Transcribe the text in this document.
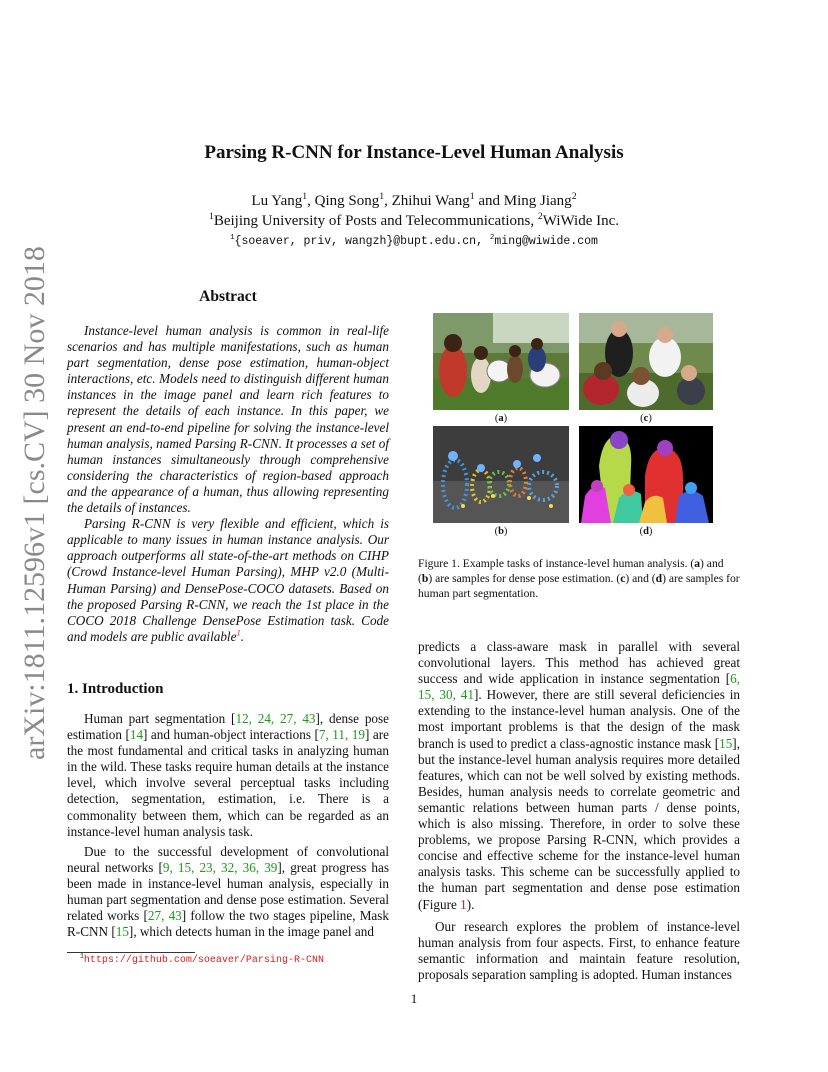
arXiv:1811.12596v1 [cs.CV] 30 Nov 2018
Parsing R-CNN for Instance-Level Human Analysis
Lu Yang$^1$, Qing Song$^1$, Zhihui Wang$^1$ and Ming Jiang$^2$
$^1$Beijing University of Posts and Telecommunications, $^2$WiWide Inc.
$^1${soeaver, priv, wangzh}@bupt.edu.cn, $^2$ming@wiwide.com
Abstract

Instance-level human analysis is common in real-life scenarios and has multiple manifestations, such as human part segmentation, dense pose estimation, human-object interactions, etc. Models need to distinguish different human instances in the image panel and learn rich features to represent the details of each instance. In this paper, we present an end-to-end pipeline for solving the instance-level human analysis, named Parsing R-CNN. It processes a set of human instances simultaneously through comprehensive considering the characteristics of region-based approach and the appearance of a human, thus allowing representing the details of instances.

Parsing R-CNN is very flexible and efficient, which is applicable to many issues in human instance analysis. Our approach outperforms all state-of-the-art methods on CIHP (Crowd Instance-level Human Parsing), MHP v2.0 (Multi-Human Parsing) and DensePose-COCO datasets. Based on the proposed Parsing R-CNN, we reach the 1st place in the COCO 2018 Challenge DensePose Estimation task. Code and models are public available$^1$.

1. Introduction

Human part segmentation [12, 24, 27, 43], dense pose estimation [14] and human-object interactions [7, 11, 19] are the most fundamental and critical tasks in analyzing human in the wild. These tasks require human details at the instance level, which involve several perceptual tasks including detection, segmentation, estimation, i.e. There is a commonality between them, which can be regarded as an instance-level human analysis task.

Due to the successful development of convolutional neural networks [9, 15, 23, 32, 36, 39], great progress has been made in instance-level human analysis, especially in human part segmentation and dense pose estimation. Several related works [27, 43] follow the two stages pipeline, Mask R-CNN [15], which detects human in the image panel and

predicts a class-aware mask in parallel with several convolutional layers. This method has achieved great success and wide application in instance segmentation [6, 15, 30, 41]. However, there are still several deficiencies in extending to the instance-level human analysis. One of the most important problems is that the design of the mask branch is used to predict a class-agnostic instance mask [15], but the instance-level human analysis requires more detailed features, which can not be well solved by existing methods. Besides, human analysis needs to correlate geometric and semantic relations between human parts / dense points, which is also missing. Therefore, in order to solve these problems, we propose Parsing R-CNN, which provides a concise and effective scheme for the instance-level human analysis tasks. This scheme can be successfully applied to the human part segmentation and dense pose estimation (Figure 1).

Our research explores the problem of instance-level human analysis from four aspects. First, to enhance feature semantic information and maintain feature resolution, proposals separation sampling is adopted. Human instances

(a)	(c)
(b)	(d)
Figure 1. Example tasks of instance-level human analysis. (a) and (b) are samples for dense pose estimation. (c) and (d) are samples for human part segmentation.
$^1$https://github.com/soeaver/Parsing-R-CNN
1
